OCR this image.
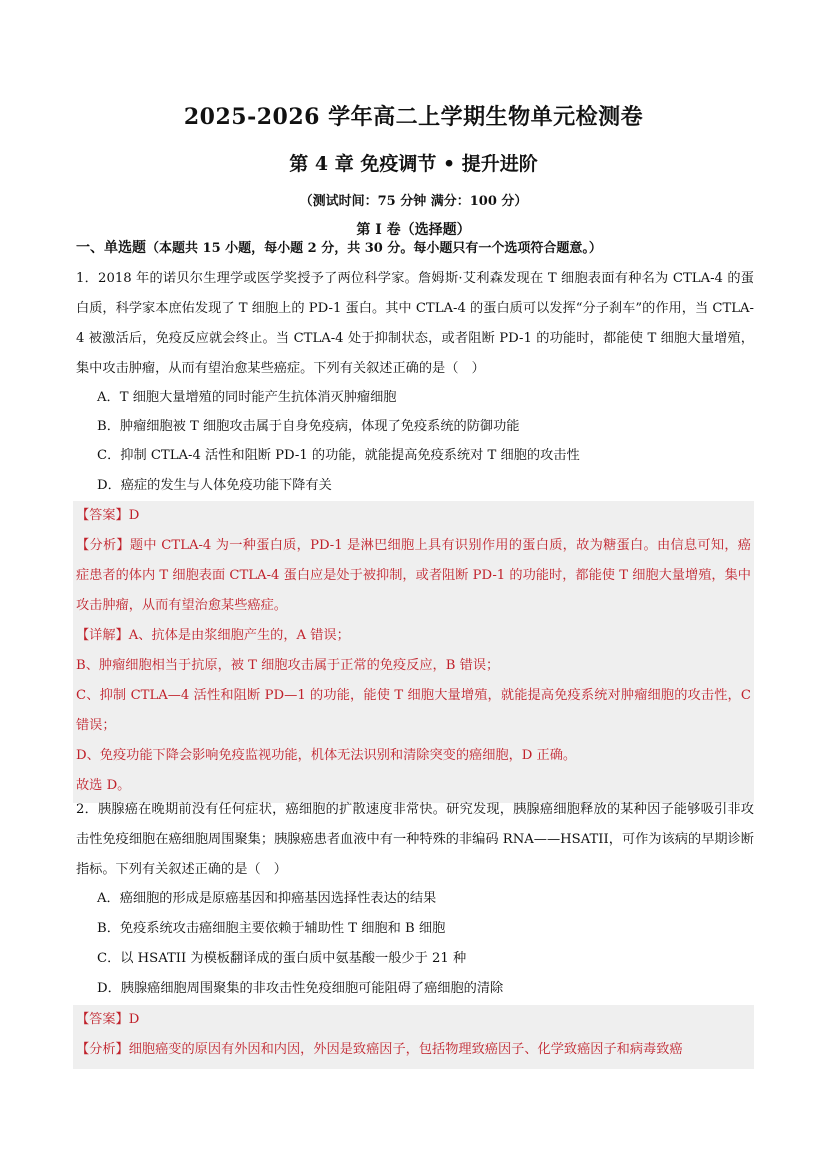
2025-2026 学年高二上学期生物单元检测卷
第 4 章 免疫调节 • 提升进阶
（测试时间：75 分钟 满分：100 分）
第 I 卷（选择题）
一、单选题（本题共 15 小题，每小题 2 分，共 30 分。每小题只有一个选项符合题意。）
1．2018 年的诺贝尔生理学或医学奖授予了两位科学家。詹姆斯·艾利森发现在 T 细胞表面有种名为 CTLA-4 的蛋白质，科学家本庶佑发现了 T 细胞上的 PD-1 蛋白。其中 CTLA-4 的蛋白质可以发挥“分子刹车”的作用，当 CTLA-4 被激活后，免疫反应就会终止。当 CTLA-4 处于抑制状态，或者阻断 PD-1 的功能时，都能使 T 细胞大量增殖，集中攻击肿瘤，从而有望治愈某些癌症。下列有关叙述正确的是（　）
A．T 细胞大量增殖的同时能产生抗体消灭肿瘤细胞
B．肿瘤细胞被 T 细胞攻击属于自身免疫病，体现了免疫系统的防御功能
C．抑制 CTLA-4 活性和阻断 PD-1 的功能，就能提高免疫系统对 T 细胞的攻击性
D．癌症的发生与人体免疫功能下降有关
【答案】D
【分析】题中 CTLA-4 为一种蛋白质，PD-1 是淋巴细胞上具有识别作用的蛋白质，故为糖蛋白。由信息可知，癌症患者的体内 T 细胞表面 CTLA-4 蛋白应是处于被抑制，或者阻断 PD-1 的功能时，都能使 T 细胞大量增殖，集中攻击肿瘤，从而有望治愈某些癌症。
【详解】A、抗体是由浆细胞产生的，A 错误；
B、肿瘤细胞相当于抗原，被 T 细胞攻击属于正常的免疫反应，B 错误；
C、抑制 CTLA—4 活性和阻断 PD—1 的功能，能使 T 细胞大量增殖，就能提高免疫系统对肿瘤细胞的攻击性，C 错误；
D、免疫功能下降会影响免疫监视功能，机体无法识别和清除突变的癌细胞，D 正确。
故选 D。
2．胰腺癌在晚期前没有任何症状，癌细胞的扩散速度非常快。研究发现，胰腺癌细胞释放的某种因子能够吸引非攻击性免疫细胞在癌细胞周围聚集；胰腺癌患者血液中有一种特殊的非编码 RNA——HSATII，可作为该病的早期诊断指标。下列有关叙述正确的是（　）
A．癌细胞的形成是原癌基因和抑癌基因选择性表达的结果
B．免疫系统攻击癌细胞主要依赖于辅助性 T 细胞和 B 细胞
C．以 HSATII 为模板翻译成的蛋白质中氨基酸一般少于 21 种
D．胰腺癌细胞周围聚集的非攻击性免疫细胞可能阻碍了癌细胞的清除
【答案】D
【分析】细胞癌变的原因有外因和内因，外因是致癌因子，包括物理致癌因子、化学致癌因子和病毒致癌
